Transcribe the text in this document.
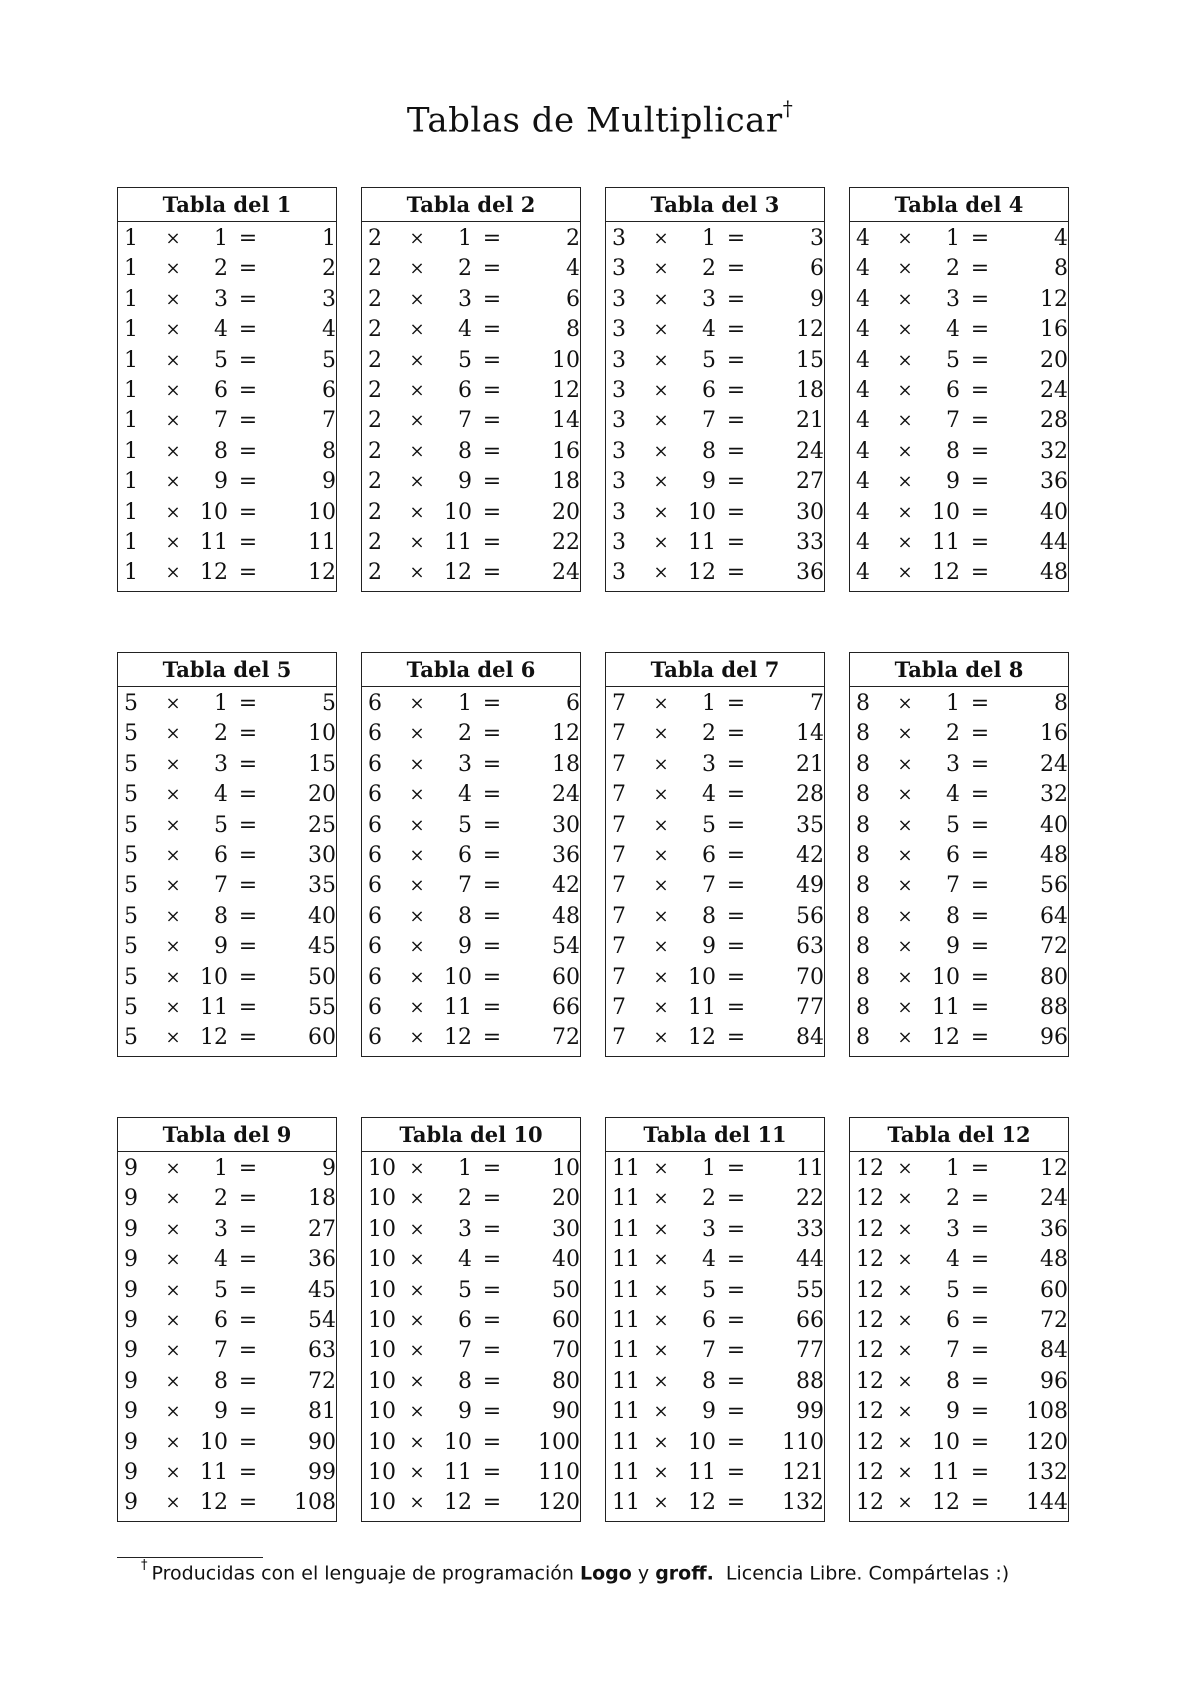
Tablas de Multiplicar†
Tabla del 1
1	×	1 =	1
1	×	2 =	2
1	×	3 =	3
1	×	4 =	4
1	×	5 =	5
1	×	6 =	6
1	×	7 =	7
1	×	8 =	8
1	×	9 =	9
1	× 10 =	10
1	× 11 =	11
1	× 12 =	12
Tabla del 2
2	×	1 =	2
2	×	2 =	4
2	×	3 =	6
2	×	4 =	8
2	×	5 =	10
2	×	6 =	12
2	×	7 =	14
2	×	8 =	16
2	×	9 =	18
2	× 10 =	20
2	× 11 =	22
2	× 12 =	24
Tabla del 3
3	×	1 =	3
3	×	2 =	6
3	×	3 =	9
3	×	4 =	12
3	×	5 =	15
3	×	6 =	18
3	×	7 =	21
3	×	8 =	24
3	×	9 =	27
3	× 10 =	30
3	× 11 =	33
3	× 12 =	36
Tabla del 4
4	×	1 =	4
4	×	2 =	8
4	×	3 =	12
4	×	4 =	16
4	×	5 =	20
4	×	6 =	24
4	×	7 =	28
4	×	8 =	32
4	×	9 =	36
4	× 10 =	40
4	× 11 =	44
4	× 12 =	48
Tabla del 5
5	×	1 =	5
5	×	2 =	10
5	×	3 =	15
5	×	4 =	20
5	×	5 =	25
5	×	6 =	30
5	×	7 =	35
5	×	8 =	40
5	×	9 =	45
5	× 10 =	50
5	× 11 =	55
5	× 12 =	60
Tabla del 6
6	×	1 =	6
6	×	2 =	12
6	×	3 =	18
6	×	4 =	24
6	×	5 =	30
6	×	6 =	36
6	×	7 =	42
6	×	8 =	48
6	×	9 =	54
6	× 10 =	60
6	× 11 =	66
6	× 12 =	72
Tabla del 7
7	×	1 =	7
7	×	2 =	14
7	×	3 =	21
7	×	4 =	28
7	×	5 =	35
7	×	6 =	42
7	×	7 =	49
7	×	8 =	56
7	×	9 =	63
7	× 10 =	70
7	× 11 =	77
7	× 12 =	84
Tabla del 8
8	×	1 =	8
8	×	2 =	16
8	×	3 =	24
8	×	4 =	32
8	×	5 =	40
8	×	6 =	48
8	×	7 =	56
8	×	8 =	64
8	×	9 =	72
8	× 10 =	80
8	× 11 =	88
8	× 12 =	96
Tabla del 9
9	×	1 =	9
9	×	2 =	18
9	×	3 =	27
9	×	4 =	36
9	×	5 =	45
9	×	6 =	54
9	×	7 =	63
9	×	8 =	72
9	×	9 =	81
9	× 10 =	90
9	× 11 =	99
9	× 12 =	108
Tabla del 10
10 ×	1 =	10
10 ×	2 =	20
10 ×	3 =	30
10 ×	4 =	40
10 ×	5 =	50
10 ×	6 =	60
10 ×	7 =	70
10 ×	8 =	80
10 ×	9 =	90
10 × 10 =	100
10 × 11 =	110
10 × 12 =	120
Tabla del 11
11 ×	1 =	11
11 ×	2 =	22
11 ×	3 =	33
11 ×	4 =	44
11 ×	5 =	55
11 ×	6 =	66
11 ×	7 =	77
11 ×	8 =	88
11 ×	9 =	99
11 × 10 =	110
11 × 11 =	121
11 × 12 =	132
Tabla del 12
12 ×	1 =	12
12 ×	2 =	24
12 ×	3 =	36
12 ×	4 =	48
12 ×	5 =	60
12 ×	6 =	72
12 ×	7 =	84
12 ×	8 =	96
12 ×	9 =	108
12 × 10 =	120
12 × 11 =	132
12 × 12 =	144
† Producidas con el lenguaje de programación Logo y groff. Licencia Libre. Compártelas :)
